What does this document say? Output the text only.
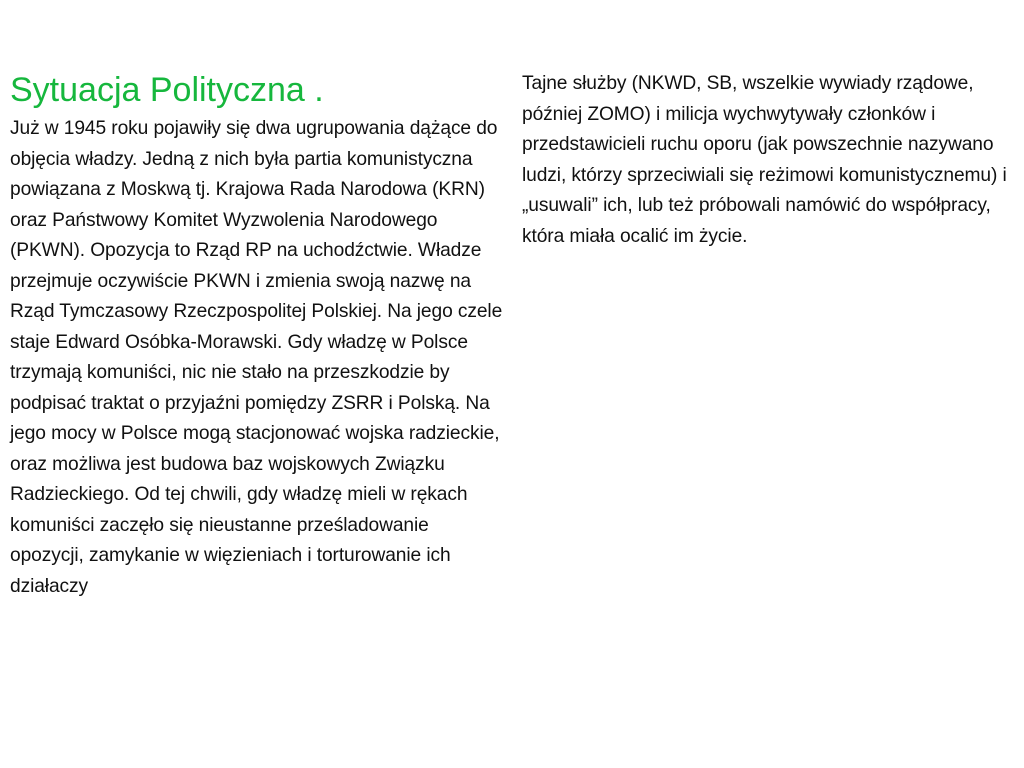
Sytuacja Polityczna .

Już w 1945 roku pojawiły się dwa ugrupowania dążące do objęcia władzy. Jedną z nich była partia komunistyczna powiązana z Moskwą tj. Krajowa Rada Narodowa (KRN) oraz Państwowy Komitet Wyzwolenia Narodowego (PKWN). Opozycja to Rząd RP na uchodźctwie. Władze przejmuje oczywiście PKWN i zmienia swoją nazwę na Rząd Tymczasowy Rzeczpospolitej Polskiej. Na jego czele staje Edward Osóbka-Morawski. Gdy władzę w Polsce trzymają komuniści, nic nie stało na przeszkodzie by podpisać traktat o przyjaźni pomiędzy ZSRR i Polską. Na jego mocy w Polsce mogą stacjonować wojska radzieckie, oraz możliwa jest budowa baz wojskowych Związku Radzieckiego. Od tej chwili, gdy władzę mieli w rękach komuniści zaczęło się nieustanne prześladowanie opozycji, zamykanie w więzieniach i torturowanie ich działaczy

Tajne służby (NKWD, SB, wszelkie wywiady rządowe, później ZOMO) i milicja wychwytywały członków i przedstawicieli ruchu oporu (jak powszechnie nazywano ludzi, którzy sprzeciwiali się reżimowi komunistycznemu) i „usuwali” ich, lub też próbowali namówić do współpracy, która miała ocalić im życie.
